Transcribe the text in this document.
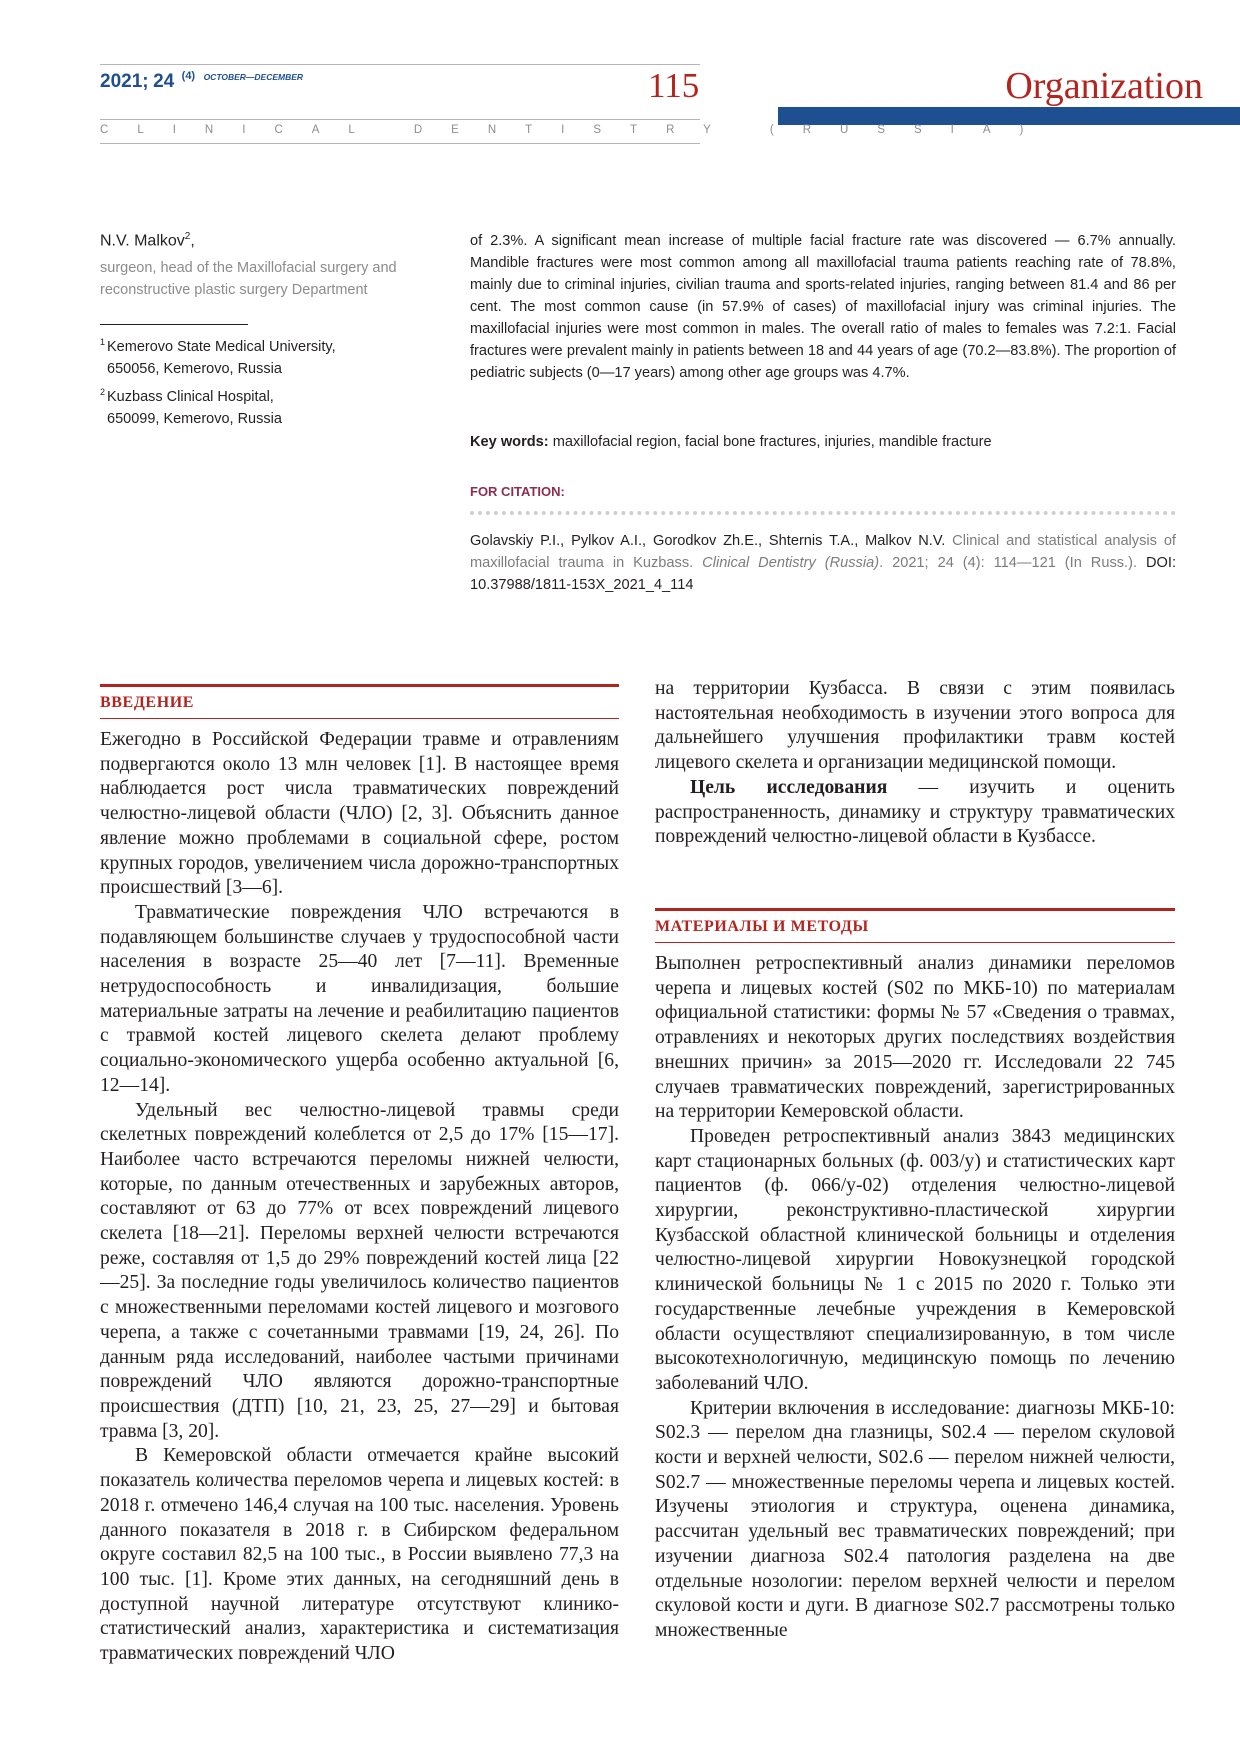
2021; 24 $^{(4)}$ $^{OCTOBER—DECEMBER}$	115	Organization
CLINICAL	DENTISTRY	(RUSSIA)
N.V. Malkov$^2$,
surgeon, head of the Maxillofacial surgery and reconstructive plastic surgery Department
$^1$ Kemerovo State Medical University,
650056, Kemerovo, Russia
$^2$ Kuzbass Clinical Hospital,
650099, Kemerovo, Russia
of 2.3%. A significant mean increase of multiple facial fracture rate was discovered — 6.7% annually. Mandible fractures were most common among all maxillofacial trauma patients reaching rate of 78.8%, mainly due to criminal injuries, civilian trauma and sports-related injuries, ranging between 81.4 and 86 per cent. The most common cause (in 57.9% of cases) of maxillofacial injury was criminal injuries. The maxillofacial injuries were most common in males. The overall ratio of males to females was 7.2:1. Facial fractures were prevalent mainly in patients between 18 and 44 years of age (70.2—83.8%). The proportion of pediatric subjects (0—17 years) among other age groups was 4.7%.
Key words: maxillofacial region, facial bone fractures, injuries, mandible fracture
FOR CITATION:
Golavskiy P.I., Pylkov A.I., Gorodkov Zh.E., Shternis T.A., Malkov N.V. Clinical and statistical analysis of maxillofacial trauma in Kuzbass. Clinical Dentistry (Russia). 2021; 24 (4): 114—121 (In Russ.). DOI: 10.37988/1811-153X_2021_4_114
ВВЕДЕНИЕ

Ежегодно в Российской Федерации травме и отравлениям подвергаются около 13 млн человек [1]. В настоящее время наблюдается рост числа травматических повреждений челюстно-лицевой области (ЧЛО) [2, 3]. Объяснить данное явление можно проблемами в социальной сфере, ростом крупных городов, увеличением числа дорожно-транспортных происшествий [3—6].

Травматические повреждения ЧЛО встречаются в подавляющем большинстве случаев у трудоспособной части населения в возрасте 25—40 лет [7—11]. Временные нетрудоспособность и инвалидизация, большие материальные затраты на лечение и реабилитацию пациентов с травмой костей лицевого скелета делают проблему социально-экономического ущерба особенно актуальной [6, 12—14].

Удельный вес челюстно-лицевой травмы среди скелетных повреждений колеблется от 2,5 до 17% [15—17]. Наиболее часто встречаются переломы нижней челюсти, которые, по данным отечественных и зарубежных авторов, составляют от 63 до 77% от всех повреждений лицевого скелета [18—21]. Переломы верхней челюсти встречаются реже, составляя от 1,5 до 29% повреждений костей лица [22—25]. За последние годы увеличилось количество пациентов с множественными переломами костей лицевого и мозгового черепа, а также с сочетанными травмами [19, 24, 26]. По данным ряда исследований, наиболее частыми причинами повреждений ЧЛО являются дорожно-транспортные происшествия (ДТП) [10, 21, 23, 25, 27—29] и бытовая травма [3, 20].

В Кемеровской области отмечается крайне высокий показатель количества переломов черепа и лицевых костей: в 2018 г. отмечено 146,4 случая на 100 тыс. населения. Уровень данного показателя в 2018 г. в Сибирском федеральном округе составил 82,5 на 100 тыс., в России выявлено 77,3 на 100 тыс. [1]. Кроме этих данных, на сегодняшний день в доступной научной литературе отсутствуют клинико-статистический анализ, характеристика и систематизация травматических повреждений ЧЛО

на территории Кузбасса. В связи с этим появилась настоятельная необходимость в изучении этого вопроса для дальнейшего улучшения профилактики травм костей лицевого скелета и организации медицинской помощи.

Цель исследования — изучить и оценить распространенность, динамику и структуру травматических повреждений челюстно-лицевой области в Кузбассе.

МАТЕРИАЛЫ И МЕТОДЫ

Выполнен ретроспективный анализ динамики переломов черепа и лицевых костей (S02 по МКБ-10) по материалам официальной статистики: формы № 57 «Сведения о травмах, отравлениях и некоторых других последствиях воздействия внешних причин» за 2015—2020 гг. Исследовали 22 745 случаев травматических повреждений, зарегистрированных на территории Кемеровской области.

Проведен ретроспективный анализ 3843 медицинских карт стационарных больных (ф. 003/у) и статистических карт пациентов (ф. 066/у-02) отделения челюстно-лицевой хирургии, реконструктивно-пластической хирургии Кузбасской областной клинической больницы и отделения челюстно-лицевой хирургии Новокузнецкой городской клинической больницы № 1 с 2015 по 2020 г. Только эти государственные лечебные учреждения в Кемеровской области осуществляют специализированную, в том числе высокотехнологичную, медицинскую помощь по лечению заболеваний ЧЛО.

Критерии включения в исследование: диагнозы МКБ-10: S02.3 — перелом дна глазницы, S02.4 — перелом скуловой кости и верхней челюсти, S02.6 — перелом нижней челюсти, S02.7 — множественные переломы черепа и лицевых костей. Изучены этиология и структура, оценена динамика, рассчитан удельный вес травматических повреждений; при изучении диагноза S02.4 патология разделена на две отдельные нозологии: перелом верхней челюсти и перелом скуловой кости и дуги. В диагнозе S02.7 рассмотрены только множественные
